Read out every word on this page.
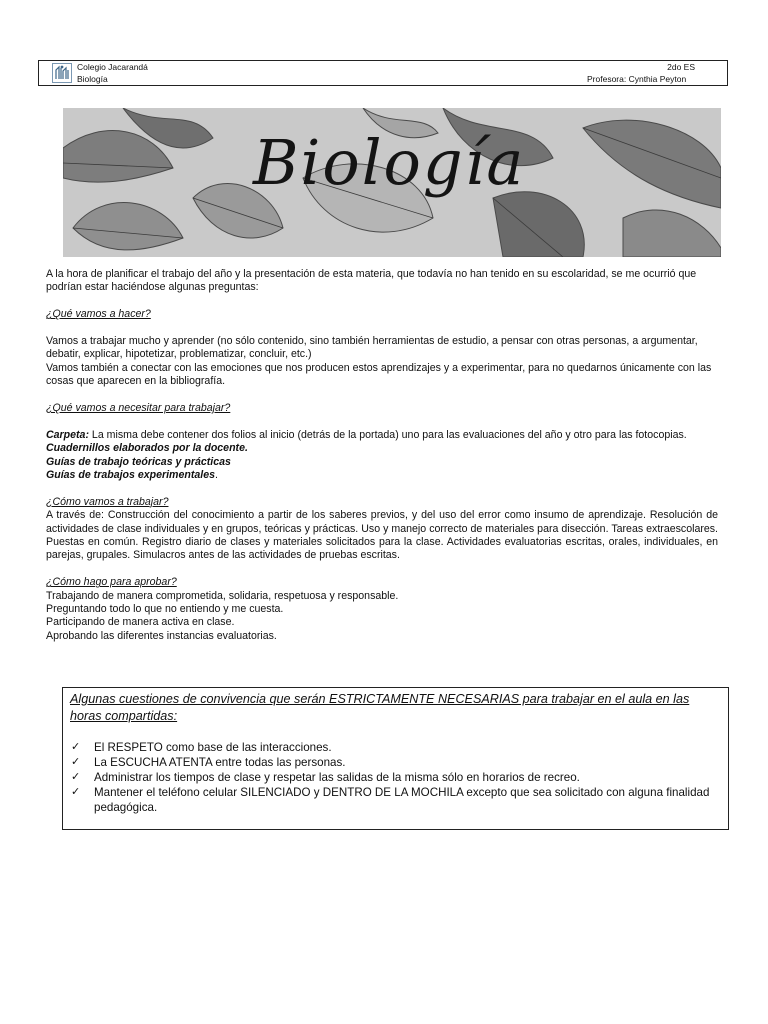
Colegio Jacarandá
Biología
2do ES
Profesora: Cynthia Peyton
Biología

A la hora de planificar el trabajo del año y la presentación de esta materia, que todavía no han tenido en su escolaridad, se me ocurrió que podrían estar haciéndose algunas preguntas:

¿Qué vamos a hacer?

Vamos a trabajar mucho y aprender (no sólo contenido, sino también herramientas de estudio, a pensar con otras personas, a argumentar, debatir, explicar, hipotetizar, problematizar, concluir, etc.)

Vamos también a conectar con las emociones que nos producen estos aprendizajes y a experimentar, para no quedarnos únicamente con las cosas que aparecen en la bibliografía.

¿Qué vamos a necesitar para trabajar?

Carpeta: La misma debe contener dos folios al inicio (detrás de la portada) uno para las evaluaciones del año y otro para las fotocopias.

Cuadernillos elaborados por la docente.

Guías de trabajo teóricas y prácticas

Guías de trabajos experimentales.

¿Cómo vamos a trabajar?

A través de: Construcción del conocimiento a partir de los saberes previos, y del uso del error como insumo de aprendizaje. Resolución de actividades de clase individuales y en grupos, teóricas y prácticas. Uso y manejo correcto de materiales para disección. Tareas extraescolares. Puestas en común. Registro diario de clases y materiales solicitados para la clase. Actividades evaluatorias escritas, orales, individuales, en parejas, grupales. Simulacros antes de las actividades de pruebas escritas.

¿Cómo hago para aprobar?

Trabajando de manera comprometida, solidaria, respetuosa y responsable.

Preguntando todo lo que no entiendo y me cuesta.

Participando de manera activa en clase.

Aprobando las diferentes instancias evaluatorias.

Algunas cuestiones de convivencia que serán ESTRICTAMENTE NECESARIAS para trabajar en el aula en las horas compartidas:
✓ El RESPETO como base de las interacciones.
✓ La ESCUCHA ATENTA entre todas las personas.
✓ Administrar los tiempos de clase y respetar las salidas de la misma sólo en horarios de recreo.
✓ Mantener el teléfono celular SILENCIADO y DENTRO DE LA MOCHILA excepto que sea solicitado con alguna finalidad pedagógica.
